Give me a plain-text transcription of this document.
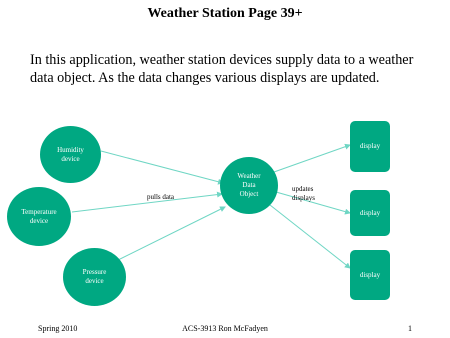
Weather Station Page 39+
In this application, weather station devices supply data to a weather data object. As the data changes various displays are updated.
Humidity device
Temperature device
Pressure device
Weather Data Object
display
display
display
pulls data
updates displays
Spring 2010	ACS-3913 Ron McFadyen	1
